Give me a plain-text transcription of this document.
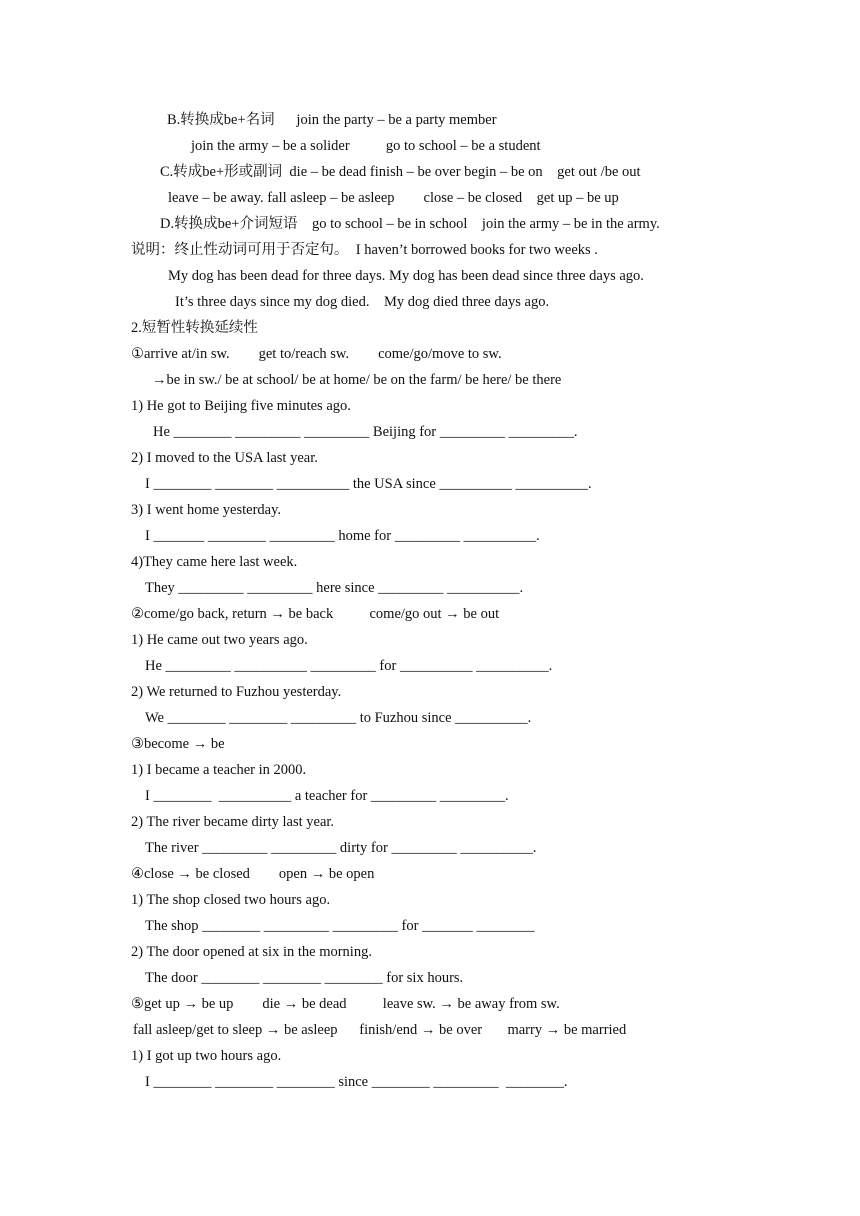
B.转换成be+名词      join the party – be a party member
join the army – be a solider          go to school – be a student
C.转成be+形或副词  die – be dead finish – be over begin – be on    get out /be out
leave – be away. fall asleep – be asleep        close – be closed    get up – be up
D.转换成be+介词短语    go to school – be in school    join the army – be in the army.
说明：终止性动词可用于否定句。  I haven’t borrowed books for two weeks .
My dog has been dead for three days. My dog has been dead since three days ago.
It’s three days since my dog died.    My dog died three days ago.
2.短暂性转换延续性
①arrive at/in sw.        get to/reach sw.        come/go/move to sw.
→be in sw./ be at school/ be at home/ be on the farm/ be here/ be there
1) He got to Beijing five minutes ago.
He ________ _________ _________ Beijing for _________ _________.
2) I moved to the USA last year.
I ________ ________ __________ the USA since __________ __________.
3) I went home yesterday.
I _______ ________ _________ home for _________ __________.
4)They came here last week.
They _________ _________ here since _________ __________.
②come/go back, return → be back          come/go out → be out
1) He came out two years ago.
He _________ __________ _________ for __________ __________.
2) We returned to Fuzhou yesterday.
We ________ ________ _________ to Fuzhou since __________.
③become → be
1) I became a teacher in 2000.
I ________  __________ a teacher for _________ _________.
2) The river became dirty last year.
The river _________ _________ dirty for _________ __________.
④close → be closed        open → be open
1) The shop closed two hours ago.
The shop ________ _________ _________ for _______ ________
2) The door opened at six in the morning.
The door ________ ________ ________ for six hours.
⑤get up → be up        die → be dead          leave sw. → be away from sw.
fall asleep/get to sleep → be asleep      finish/end → be over       marry → be married
1) I got up two hours ago.
I ________ ________ ________ since ________ _________  ________.
